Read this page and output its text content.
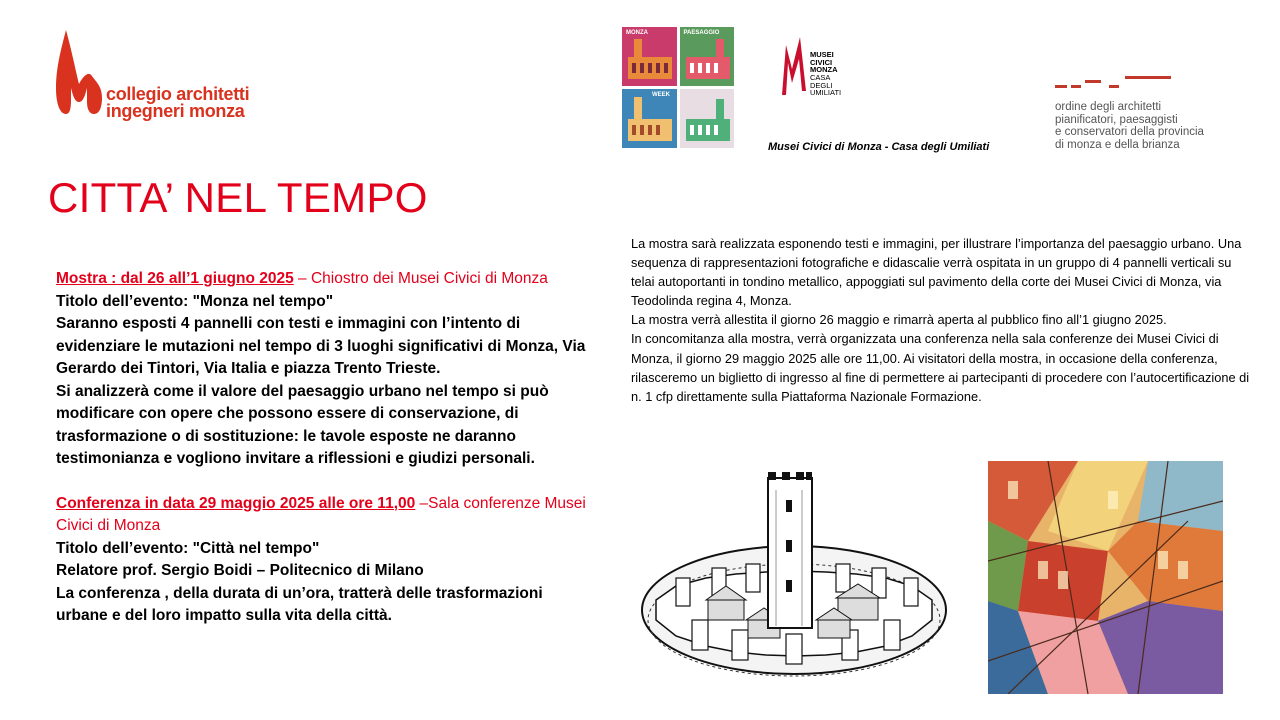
collegio architetti
ingegneri monza
MONZA	PAESAGGIO
WEEK
MUSEI
CIVICI
MONZA
CASA
DEGLI
UMILIATI
Musei Civici di Monza - Casa degli Umiliati
ordine degli architetti
pianificatori, paesaggisti
e conservatori della provincia
di monza e della brianza
CITTA’ NEL TEMPO

Mostra : dal 26 all’1 giugno 2025 – Chiostro dei Musei Civici di Monza

Titolo dell’evento: "Monza nel tempo"

Saranno esposti 4 pannelli con testi e immagini con l’intento di evidenziare le mutazioni nel tempo di 3 luoghi significativi di Monza, Via Gerardo dei Tintori, Via Italia e piazza Trento Trieste.

Si analizzerà come il valore del paesaggio urbano nel tempo si può modificare con opere che possono essere di conservazione, di trasformazione o di sostituzione: le tavole esposte ne daranno testimonianza e vogliono invitare a riflessioni e giudizi personali.

Conferenza in data 29 maggio 2025 alle ore 11,00 –Sala conferenze Musei Civici di Monza

Titolo dell’evento: "Città nel tempo"

Relatore prof. Sergio Boidi – Politecnico di Milano

La conferenza , della durata di un’ora, tratterà delle trasformazioni urbane e del loro impatto sulla vita della città.

La mostra sarà realizzata esponendo testi e immagini, per illustrare l’importanza del paesaggio urbano. Una sequenza di rappresentazioni fotografiche e didascalie verrà ospitata in un gruppo di 4 pannelli verticali su telai autoportanti in tondino metallico, appoggiati sul pavimento della corte dei Musei Civici di Monza, via Teodolinda regina 4, Monza.

La mostra verrà allestita il giorno 26 maggio e rimarrà aperta al pubblico fino all’1 giugno 2025.

In concomitanza alla mostra, verrà organizzata una conferenza nella sala conferenze dei Musei Civici di Monza, il giorno 29 maggio 2025 alle ore 11,00. Ai visitatori della mostra, in occasione della conferenza, rilasceremo un biglietto di ingresso al fine di permettere ai partecipanti di procedere con l’autocertificazione di n. 1 cfp direttamente sulla Piattaforma Nazionale Formazione.
